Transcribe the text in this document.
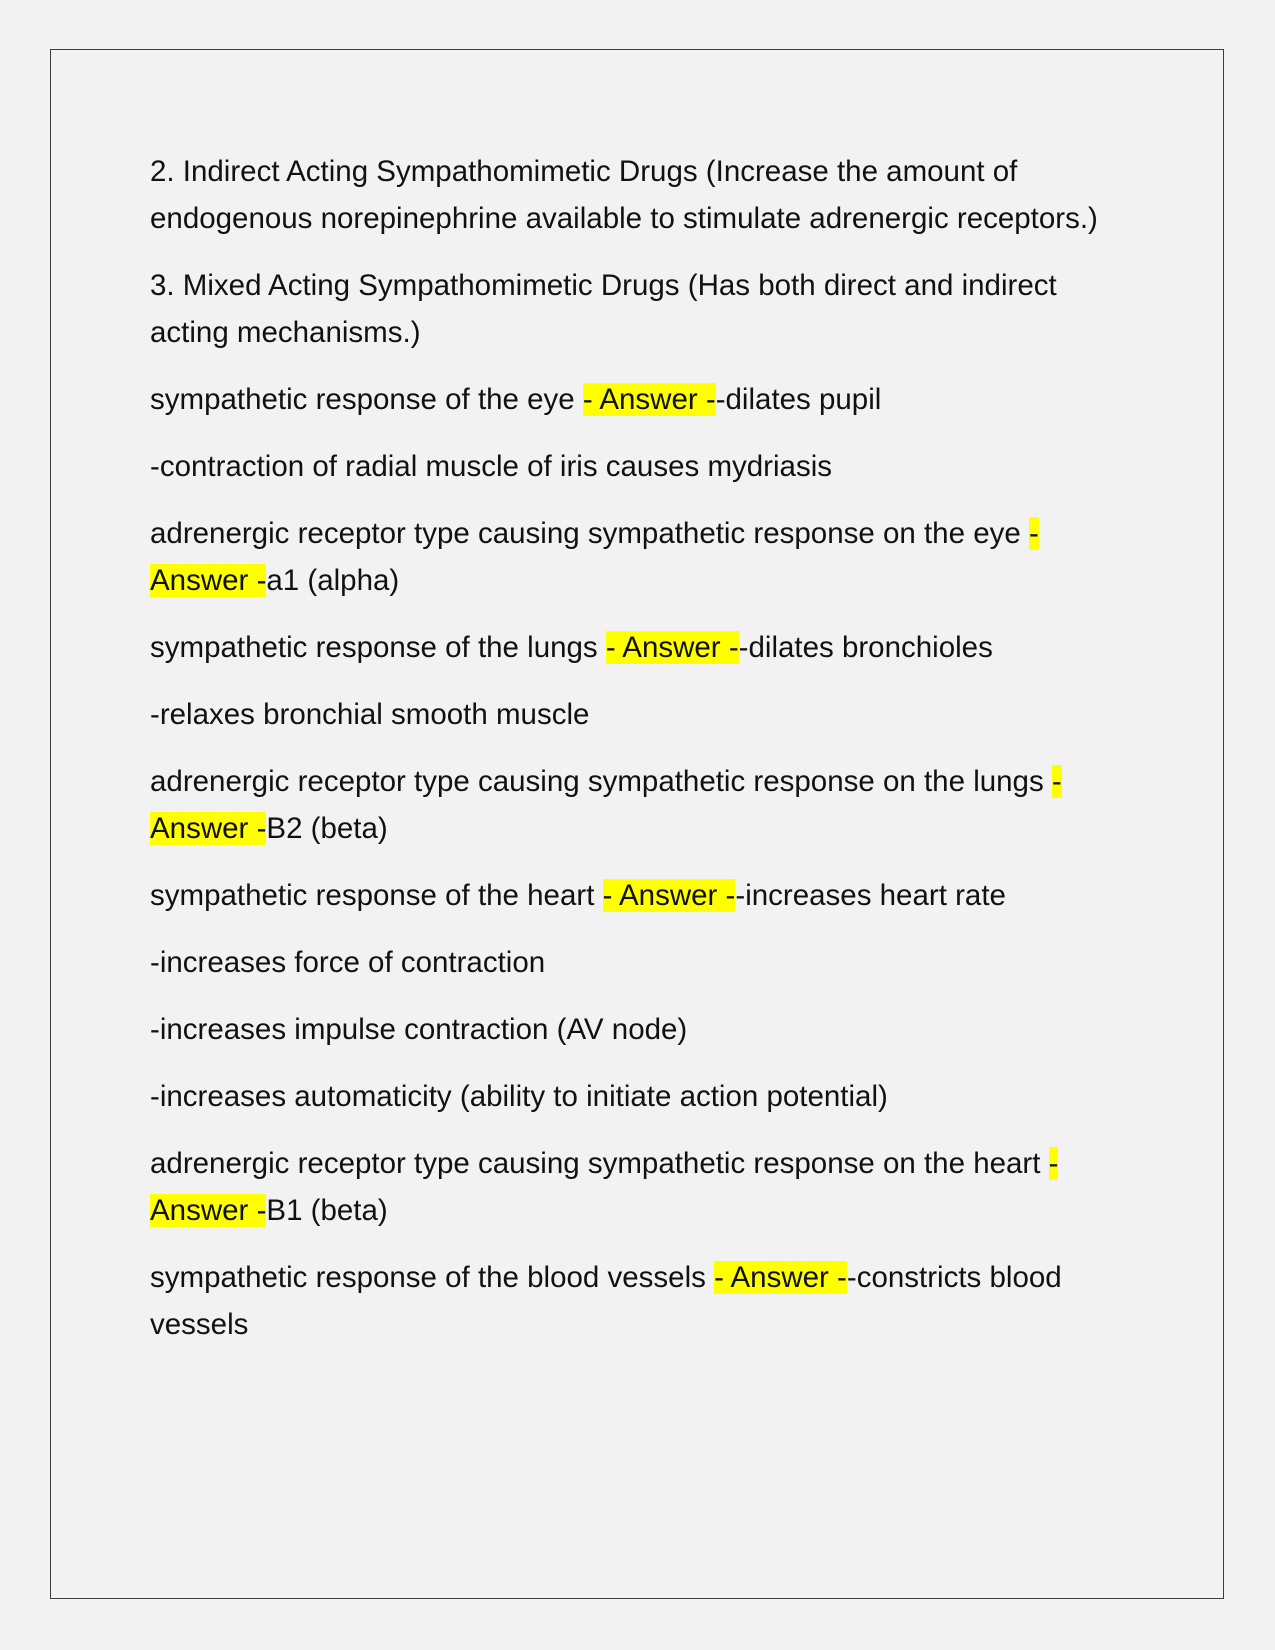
2. Indirect Acting Sympathomimetic Drugs (Increase the amount of endogenous norepinephrine available to stimulate adrenergic receptors.)

3. Mixed Acting Sympathomimetic Drugs (Has both direct and indirect acting mechanisms.)

sympathetic response of the eye - Answer --dilates pupil

-contraction of radial muscle of iris causes mydriasis

adrenergic receptor type causing sympathetic response on the eye - Answer -a1 (alpha)

sympathetic response of the lungs - Answer --dilates bronchioles

-relaxes bronchial smooth muscle

adrenergic receptor type causing sympathetic response on the lungs - Answer -B2 (beta)

sympathetic response of the heart - Answer --increases heart rate

-increases force of contraction

-increases impulse contraction (AV node)

-increases automaticity (ability to initiate action potential)

adrenergic receptor type causing sympathetic response on the heart - Answer -B1 (beta)

sympathetic response of the blood vessels - Answer --constricts blood vessels
